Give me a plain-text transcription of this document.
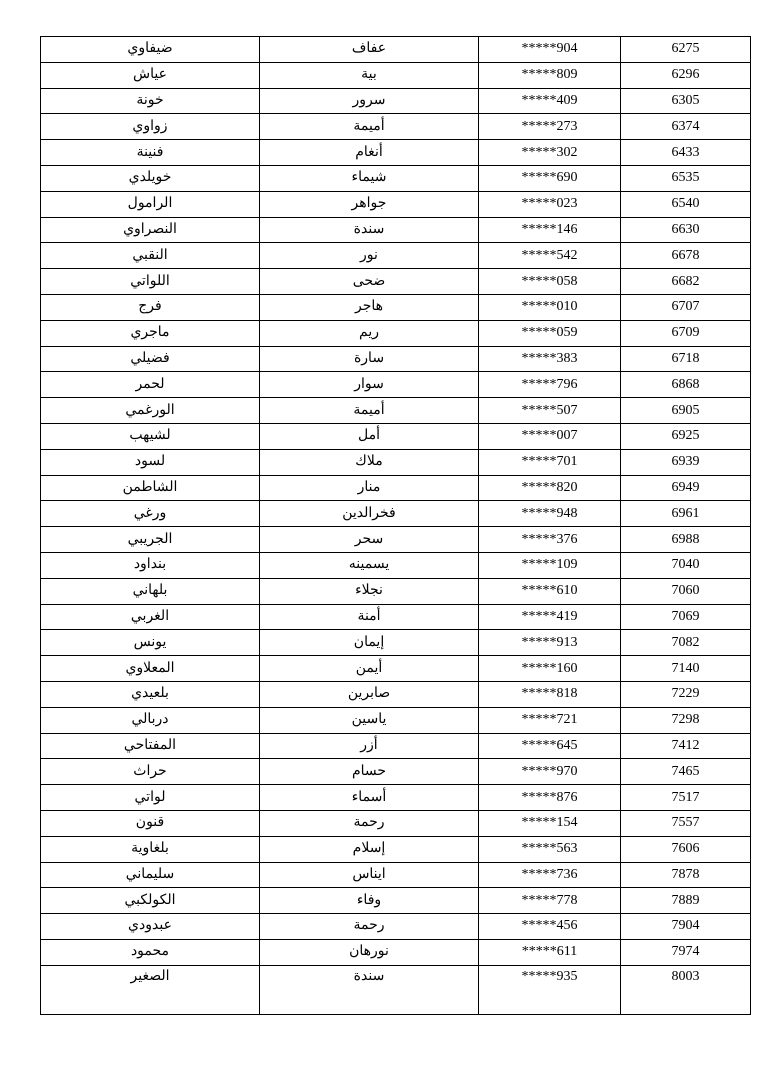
ضيفاوي	عفاف	*****904	6275
عياش	بية	*****809	6296
خونة	سرور	*****409	6305
زواوي	أميمة	*****273	6374
فنينة	أنغام	*****302	6433
خويلدي	شيماء	*****690	6535
الرامول	جواهر	*****023	6540
النصراوي	سندة	*****146	6630
النقبي	نور	*****542	6678
اللواتي	ضحى	*****058	6682
فرج	هاجر	*****010	6707
ماجري	ريم	*****059	6709
فضيلي	سارة	*****383	6718
لحمر	سوار	*****796	6868
الورغمي	أميمة	*****507	6905
لشيهب	أمل	*****007	6925
لسود	ملاك	*****701	6939
الشاطمن	منار	*****820	6949
ورغي	فخرالدين	*****948	6961
الجريبي	سحر	*****376	6988
بنداود	يسمينه	*****109	7040
بلهاني	نجلاء	*****610	7060
الغربي	أمنة	*****419	7069
يونس	إيمان	*****913	7082
المعلاوي	أيمن	*****160	7140
بلعيدي	صابرين	*****818	7229
دربالي	ياسين	*****721	7298
المفتاحي	أزر	*****645	7412
حراث	حسام	*****970	7465
لواتي	أسماء	*****876	7517
قنون	رحمة	*****154	7557
بلغاوية	إسلام	*****563	7606
سليماني	ايناس	*****736	7878
الكولكبي	وفاء	*****778	7889
عبدودي	رحمة	*****456	7904
محمود	نورهان	*****611	7974
الصغير	سندة	*****935	8003
